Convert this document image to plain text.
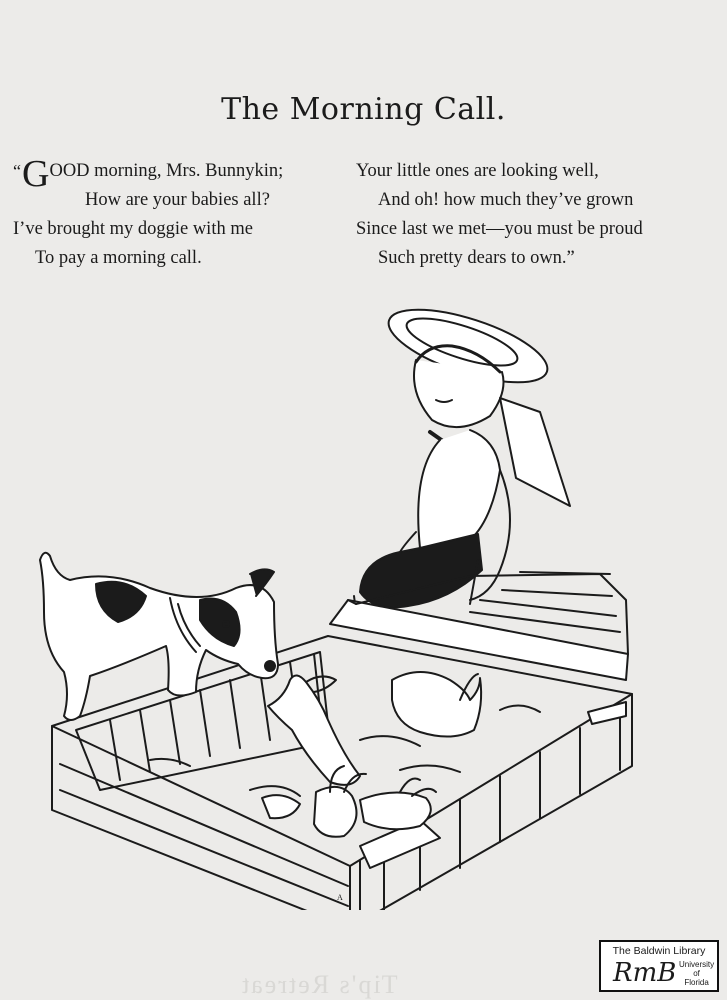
The Morning Call.
“GOOD morning, Mrs. Bunnykin;
How are your babies all?
I’ve brought my doggie with me
To pay a morning call.
Your little ones are looking well,
And oh! how much they’ve grown
Since last we met—you must be proud
Such pretty dears to own.”
A
Tip's Retreat
The Baldwin Library
RmB University
of
Florida
